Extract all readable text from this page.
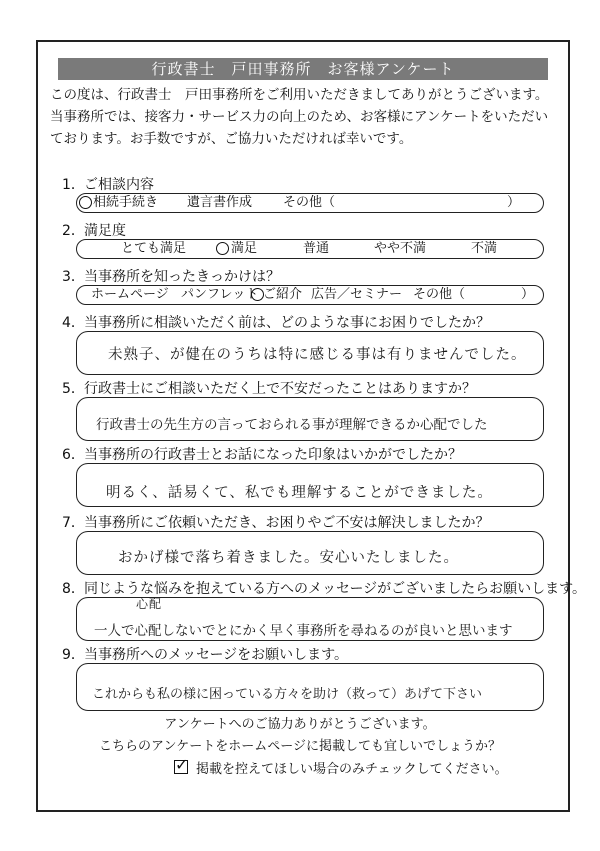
行政書士　戸田事務所　お客様アンケート
この度は、行政書士　戸田事務所をご利用いただきましてありがとうございます。
当事務所では、接客力・サービス力の向上のため、お客様にアンケートをいただい
ております。お手数ですが、ご協力いただければ幸いです。
1．ご相談内容
相続手続き 遺言書作成 その他（	）
2．満足度
とても満足	満足	普通	やや不満	不満
3．当事務所を知ったきっかけは？
ホームページ パンフレット ご紹介 広告／セミナー その他（	）
4．当事務所に相談いただく前は、どのような事にお困りでしたか？
未熟子、が健在のうちは特に感じる事は有りませんでした。
5．行政書士にご相談いただく上で不安だったことはありますか？
行政書士の先生方の言っておられる事が理解できるか心配でした
6．当事務所の行政書士とお話になった印象はいかがでしたか？
明るく、話易くて、私でも理解することができました。
7．当事務所にご依頼いただき、お困りやご不安は解決しましたか？
おかげ様で落ち着きました。安心いたしました。
8．同じような悩みを抱えている方へのメッセージがございましたらお願いします。
心配
一人で心配しないでとにかく早く事務所を尋ねるのが良いと思います
9．当事務所へのメッセージをお願いします。
これからも私の様に困っている方々を助け（救って）あげて下さい
アンケートへのご協力ありがとうございます。
こちらのアンケートをホームページに掲載しても宜しいでしょうか？
✓ 掲載を控えてほしい場合のみチェックしてください。
